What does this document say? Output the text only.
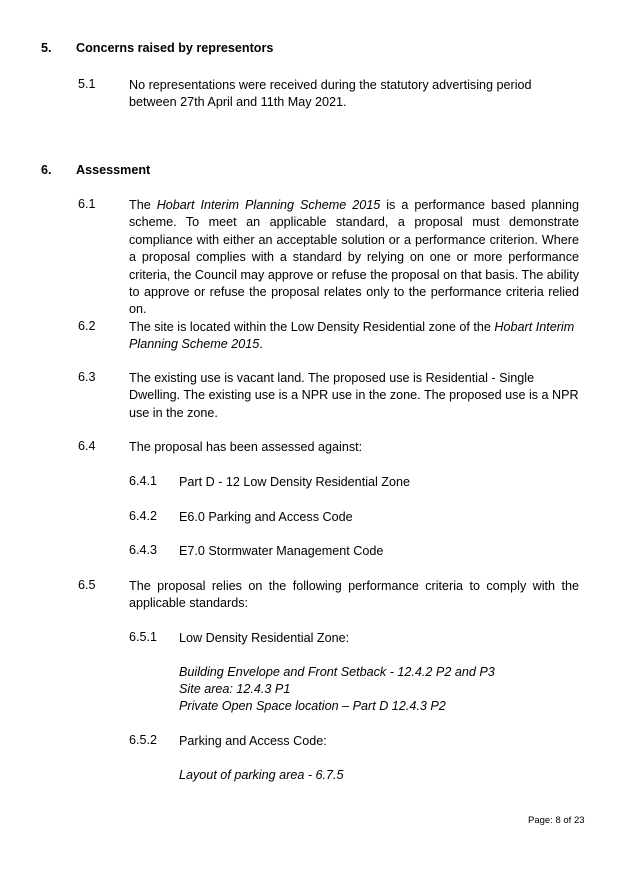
5. Concerns raised by representors
5.1	No representations were received during the statutory advertising period between 27th April and 11th May 2021.
6. Assessment
6.1	The Hobart Interim Planning Scheme 2015 is a performance based planning scheme. To meet an applicable standard, a proposal must demonstrate compliance with either an acceptable solution or a performance criterion. Where a proposal complies with a standard by relying on one or more performance criteria, the Council may approve or refuse the proposal on that basis. The ability to approve or refuse the proposal relates only to the performance criteria relied on.
6.2	The site is located within the Low Density Residential zone of the Hobart Interim Planning Scheme 2015.
6.3	The existing use is vacant land. The proposed use is Residential - Single Dwelling. The existing use is a NPR use in the zone. The proposed use is a NPR use in the zone.
6.4	The proposal has been assessed against:
6.4.1 Part D - 12 Low Density Residential Zone
6.4.2 E6.0 Parking and Access Code
6.4.3 E7.0 Stormwater Management Code
6.5	The proposal relies on the following performance criteria to comply with the applicable standards:
6.5.1 Low Density Residential Zone:
Building Envelope and Front Setback - 12.4.2 P2 and P3
Site area: 12.4.3 P1
Private Open Space location – Part D 12.4.3 P2
6.5.2 Parking and Access Code:
Layout of parking area - 6.7.5
Page: 8 of 23
